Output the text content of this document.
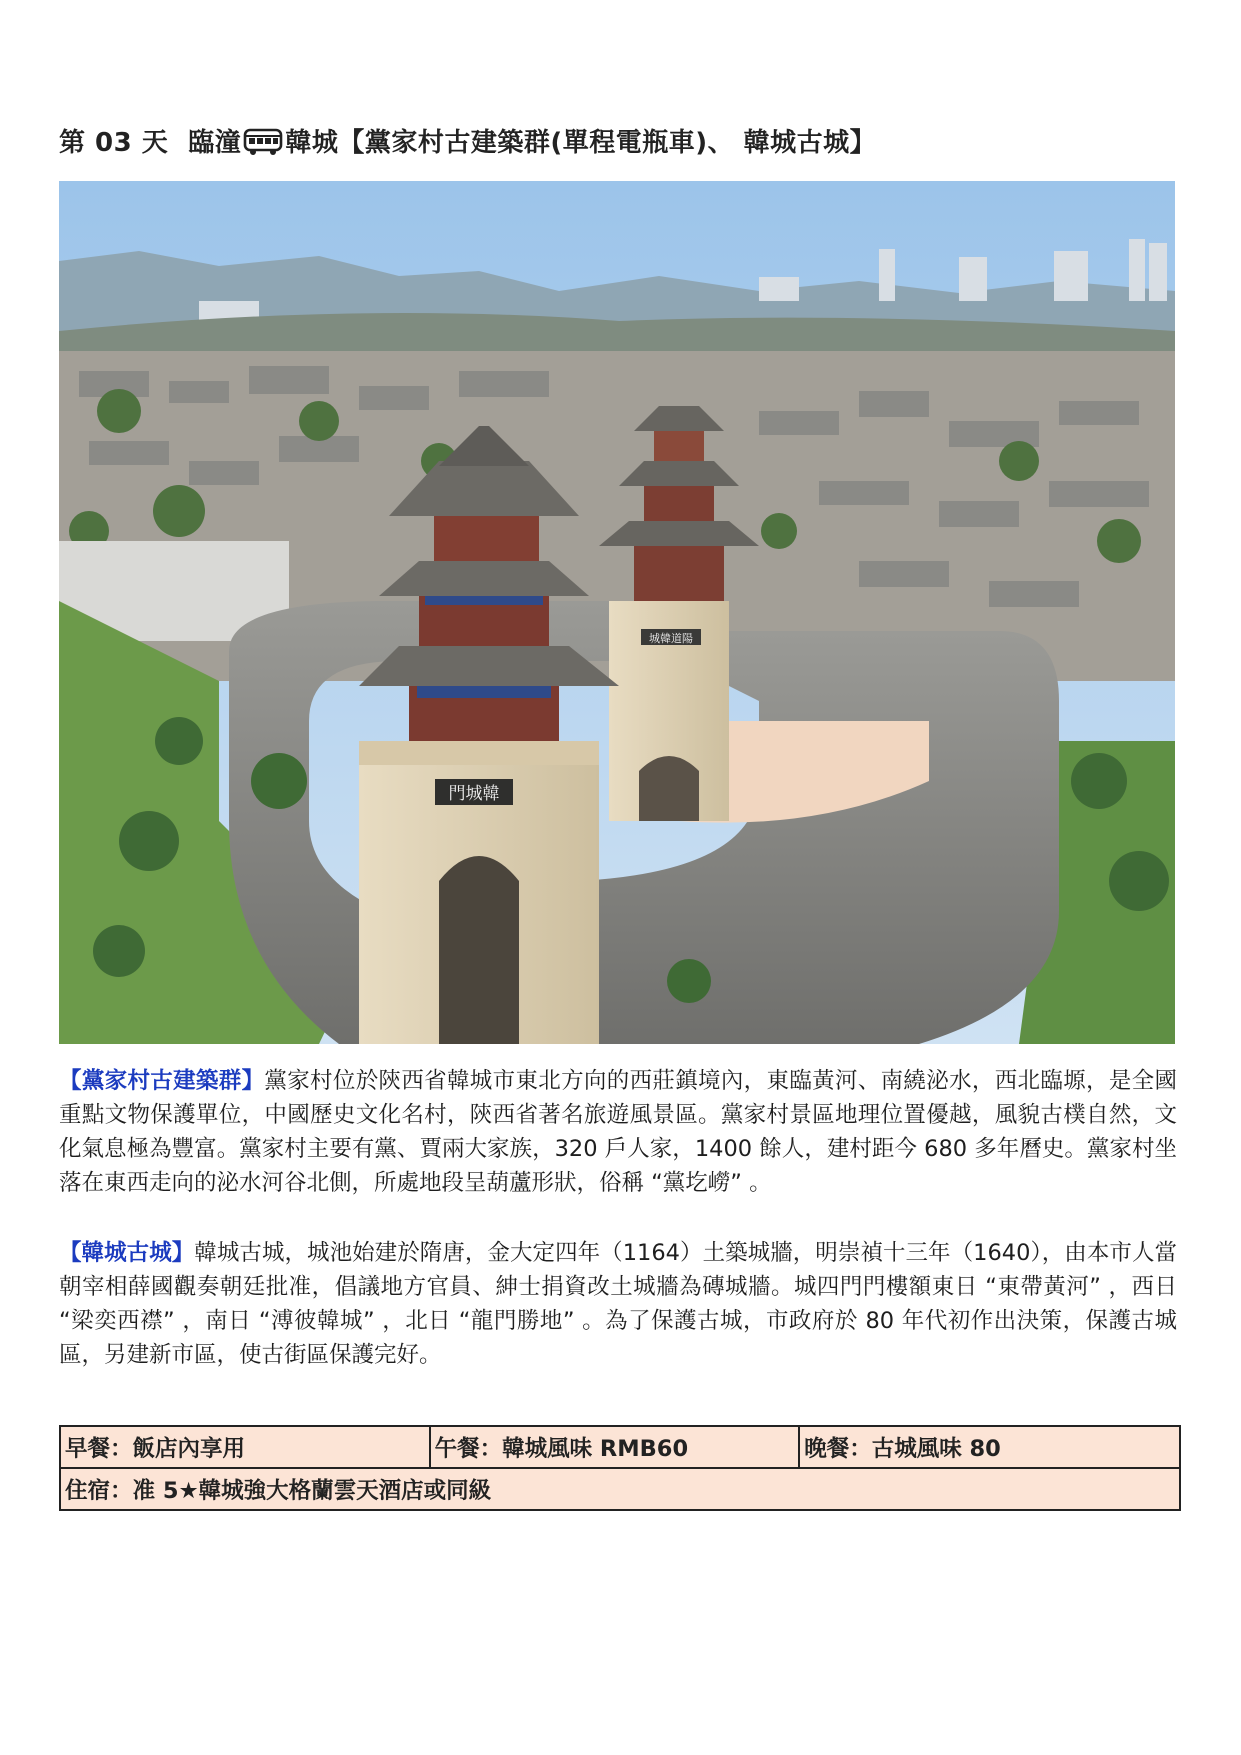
第 03 天 臨潼 韓城【黨家村古建築群(單程電瓶車)、 韓城古城】
門城韓
城韓道陽
【黨家村古建築群】黨家村位於陝西省韓城市東北方向的西莊鎮境內，東臨黃河、南繞泌水，西北臨塬，是全國重點文物保護單位，中國歷史文化名村，陝西省著名旅遊風景區。黨家村景區地理位置優越，風貌古樸自然，文化氣息極為豐富。黨家村主要有黨、賈兩大家族，320 戶人家，1400 餘人，建村距今 680 多年曆史。黨家村坐落在東西走向的泌水河谷北側，所處地段呈葫蘆形狀，俗稱 “黨圪嶗” 。
【韓城古城】韓城古城，城池始建於隋唐，金大定四年（1164）土築城牆，明崇禎十三年（1640），由本市人當朝宰相薛國觀奏朝廷批准，倡議地方官員、紳士捐資改土城牆為磚城牆。城四門門樓額東日 “東帶黃河” ，西日 “梁奕西襟” ，南日 “溥彼韓城” ，北日 “龍門勝地” 。為了保護古城，市政府於 80 年代初作出決策，保護古城區，另建新市區，使古街區保護完好。
早餐：飯店內享用	午餐：韓城風味 RMB60	晚餐：古城風味 80
住宿：准 5★韓城強大格蘭雲天酒店或同級
